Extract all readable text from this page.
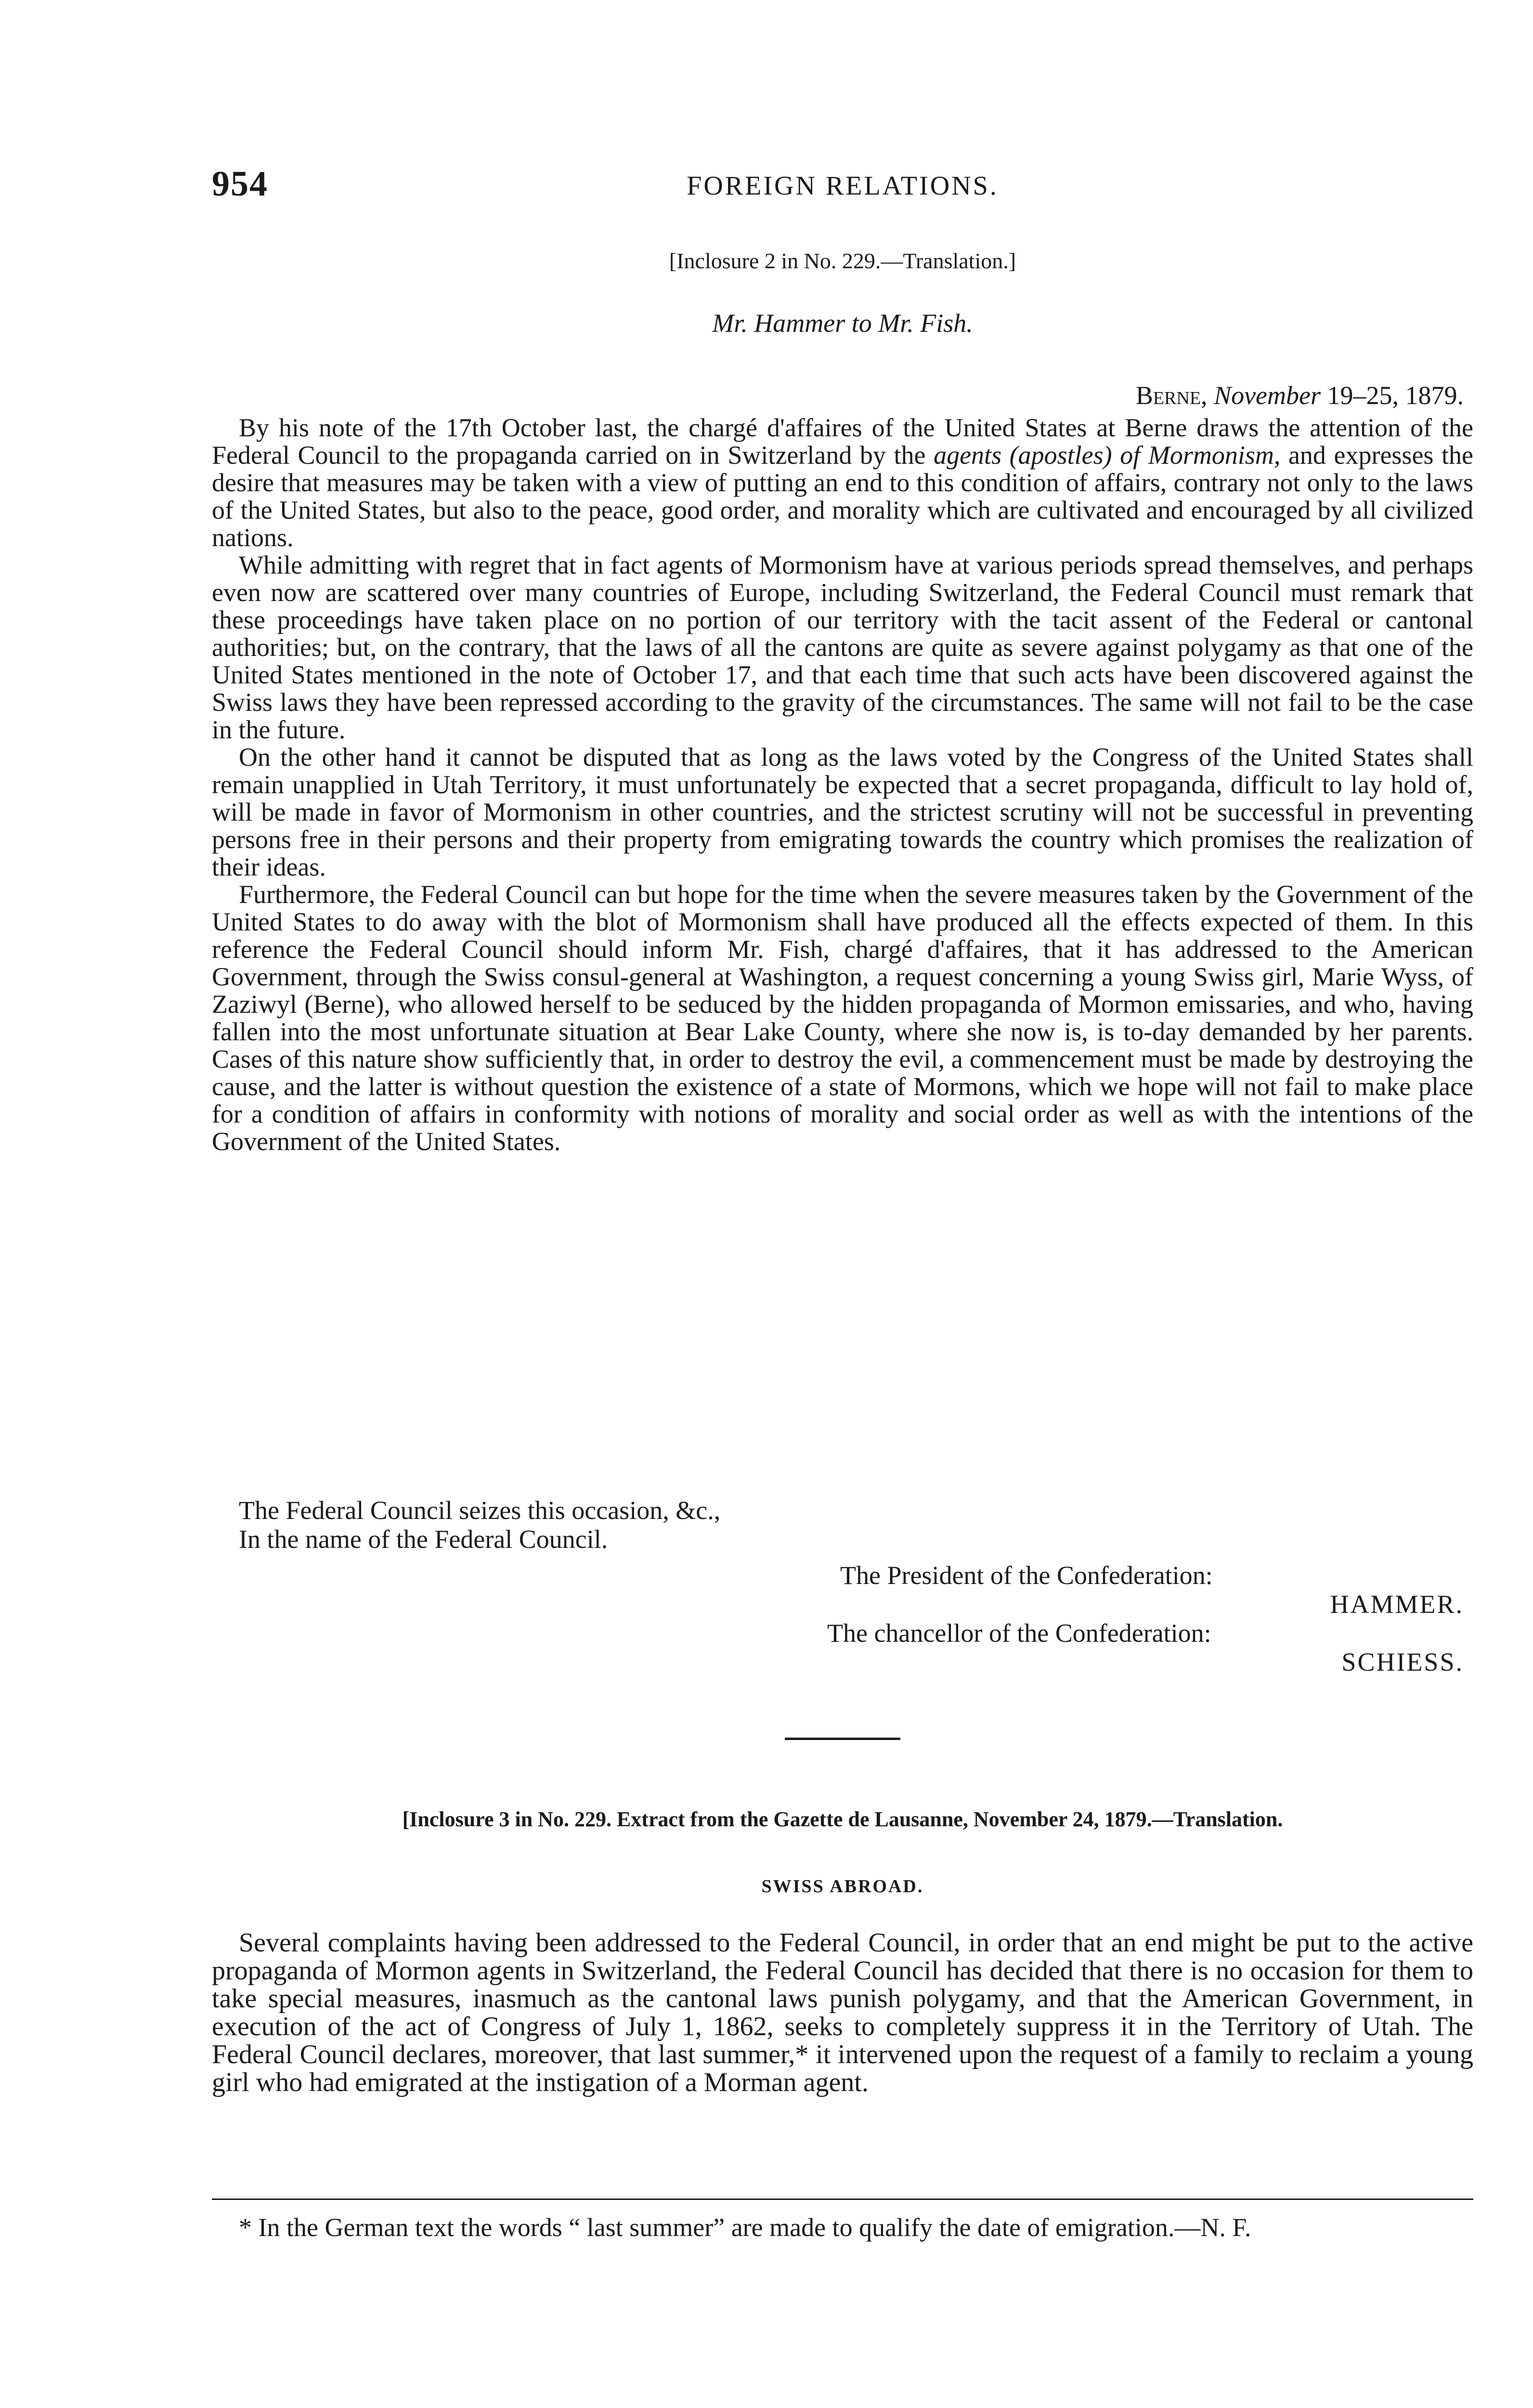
954	FOREIGN RELATIONS.
[Inclosure 2 in No. 229.—Translation.]
Mr. Hammer to Mr. Fish.
Berne, November 19–25, 1879.

By his note of the 17th October last, the chargé d'affaires of the United States at Berne draws the attention of the Federal Council to the propaganda carried on in Switzerland by the agents (apostles) of Mormonism, and expresses the desire that measures may be taken with a view of putting an end to this condition of affairs, contrary not only to the laws of the United States, but also to the peace, good order, and morality which are cultivated and encouraged by all civilized nations.

While admitting with regret that in fact agents of Mormonism have at various periods spread themselves, and perhaps even now are scattered over many countries of Europe, including Switzerland, the Federal Council must remark that these proceedings have taken place on no portion of our territory with the tacit assent of the Federal or cantonal authorities; but, on the contrary, that the laws of all the cantons are quite as severe against polygamy as that one of the United States mentioned in the note of October 17, and that each time that such acts have been discovered against the Swiss laws they have been repressed according to the gravity of the circumstances. The same will not fail to be the case in the future.

On the other hand it cannot be disputed that as long as the laws voted by the Congress of the United States shall remain unapplied in Utah Territory, it must unfortunately be expected that a secret propaganda, difficult to lay hold of, will be made in favor of Mormonism in other countries, and the strictest scrutiny will not be successful in preventing persons free in their persons and their property from emigrating towards the country which promises the realization of their ideas.

Furthermore, the Federal Council can but hope for the time when the severe measures taken by the Government of the United States to do away with the blot of Mormonism shall have produced all the effects expected of them. In this reference the Federal Council should inform Mr. Fish, chargé d'affaires, that it has addressed to the American Government, through the Swiss consul-general at Washington, a request concerning a young Swiss girl, Marie Wyss, of Zaziwyl (Berne), who allowed herself to be seduced by the hidden propaganda of Mormon emissaries, and who, having fallen into the most unfortunate situation at Bear Lake County, where she now is, is to-day demanded by her parents. Cases of this nature show sufficiently that, in order to destroy the evil, a commencement must be made by destroying the cause, and the latter is without question the existence of a state of Mormons, which we hope will not fail to make place for a condition of affairs in conformity with notions of morality and social order as well as with the intentions of the Government of the United States.

The Federal Council seizes this occasion, &c.,
In the name of the Federal Council.
The President of the Confederation:
HAMMER.
The chancellor of the Confederation:
SCHIESS.
[Inclosure 3 in No. 229. Extract from the Gazette de Lausanne, November 24, 1879.—Translation.
SWISS ABROAD.

Several complaints having been addressed to the Federal Council, in order that an end might be put to the active propaganda of Mormon agents in Switzerland, the Federal Council has decided that there is no occasion for them to take special measures, inasmuch as the cantonal laws punish polygamy, and that the American Government, in execution of the act of Congress of July 1, 1862, seeks to completely suppress it in the Territory of Utah. The Federal Council declares, moreover, that last summer,* it intervened upon the request of a family to reclaim a young girl who had emigrated at the instigation of a Morman agent.

* In the German text the words “ last summer” are made to qualify the date of emigration.—N. F.
